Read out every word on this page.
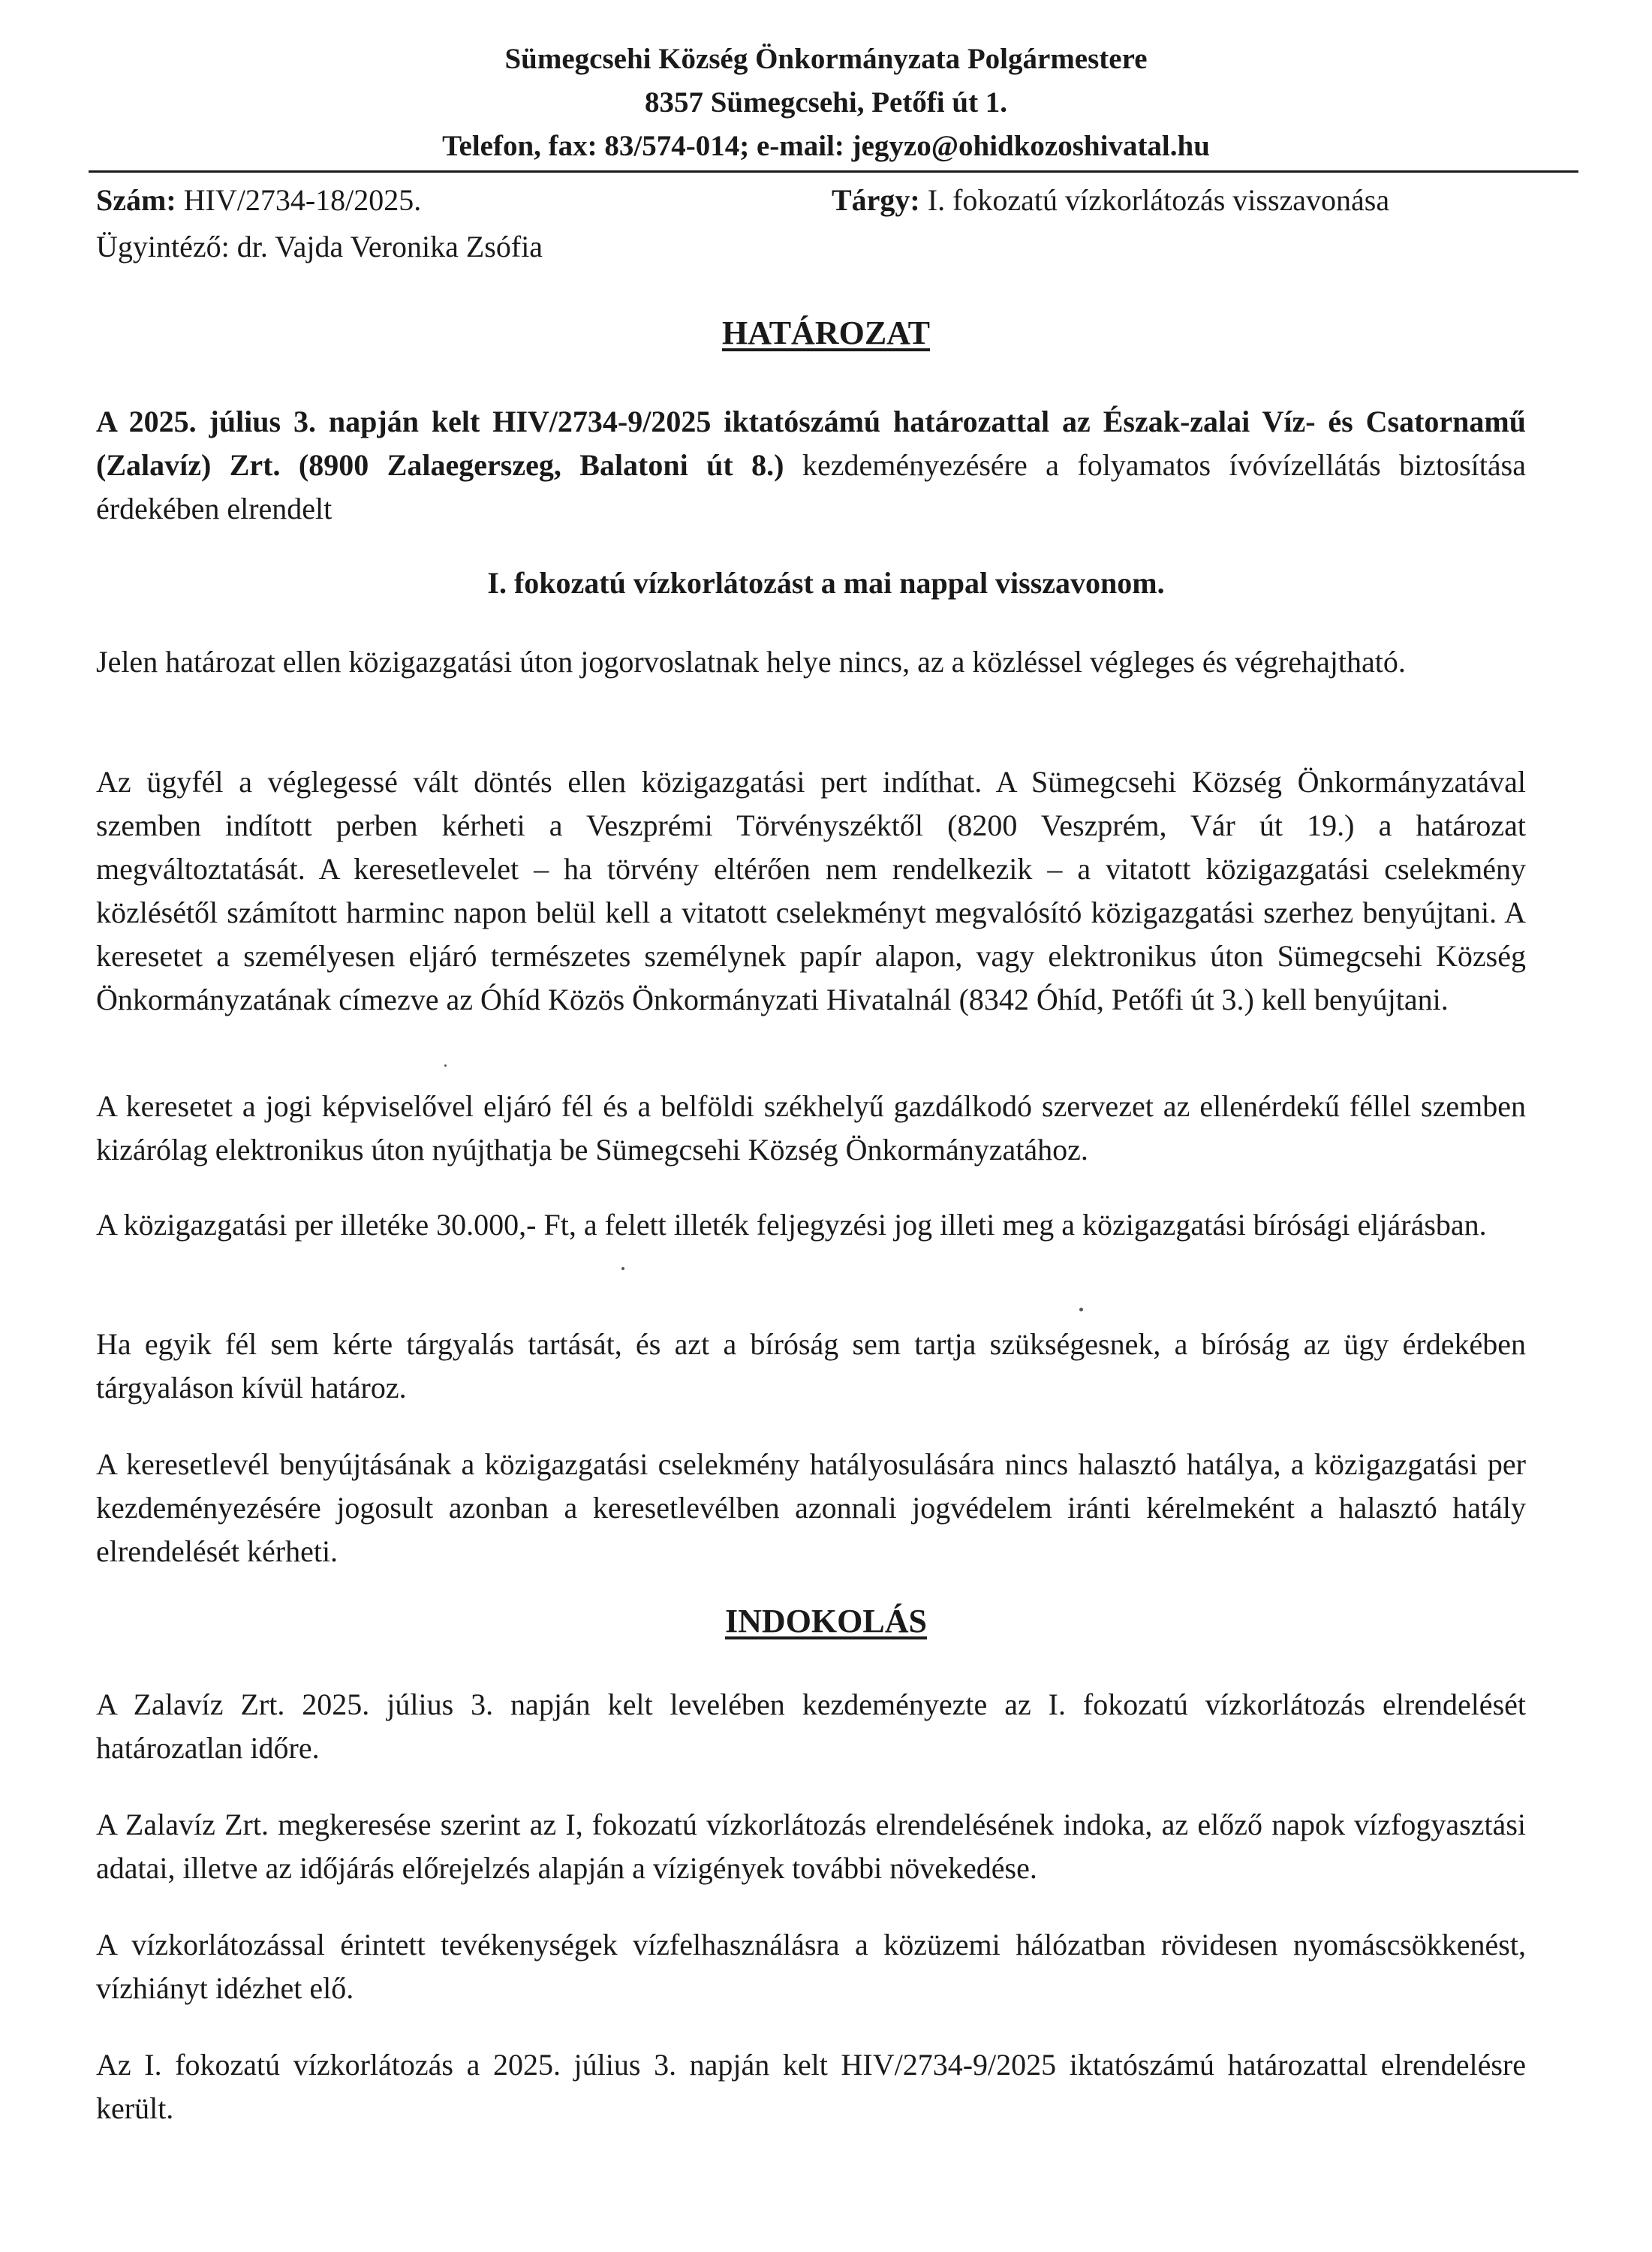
Sümegcsehi Község Önkormányzata Polgármestere
8357 Sümegcsehi, Petőfi út 1.
Telefon, fax: 83/574-014; e-mail: jegyzo@ohidkozoshivatal.hu
Szám: HIV/2734-18/2025.	Tárgy: I. fokozatú vízkorlátozás visszavonása
Ügyintéző: dr. Vajda Veronika Zsófia
HATÁROZAT
A 2025. július 3. napján kelt HIV/2734-9/2025 iktatószámú határozattal az Észak-zalai Víz- és Csatornamű (Zalavíz) Zrt. (8900 Zalaegerszeg, Balatoni út 8.) kezdeményezésére a folyamatos ívóvízellátás biztosítása érdekében elrendelt
I. fokozatú vízkorlátozást a mai nappal visszavonom.
Jelen határozat ellen közigazgatási úton jogorvoslatnak helye nincs, az a közléssel végleges és végrehajtható.
Az ügyfél a véglegessé vált döntés ellen közigazgatási pert indíthat. A Sümegcsehi Község Önkormányzatával szemben indított perben kérheti a Veszprémi Törvényszéktől (8200 Veszprém, Vár út 19.) a határozat megváltoztatását. A keresetlevelet – ha törvény eltérően nem rendelkezik – a vitatott közigazgatási cselekmény közlésétől számított harminc napon belül kell a vitatott cselekményt megvalósító közigazgatási szerhez benyújtani. A keresetet a személyesen eljáró természetes személynek papír alapon, vagy elektronikus úton Sümegcsehi Község Önkormányzatának címezve az Óhíd Közös Önkormányzati Hivatalnál (8342 Óhíd, Petőfi út 3.) kell benyújtani.
A keresetet a jogi képviselővel eljáró fél és a belföldi székhelyű gazdálkodó szervezet az ellenérdekű féllel szemben kizárólag elektronikus úton nyújthatja be Sümegcsehi Község Önkormányzatához.
A közigazgatási per illetéke 30.000,- Ft, a felett illeték feljegyzési jog illeti meg a közigazgatási bírósági eljárásban.
Ha egyik fél sem kérte tárgyalás tartását, és azt a bíróság sem tartja szükségesnek, a bíróság az ügy érdekében tárgyaláson kívül határoz.
A keresetlevél benyújtásának a közigazgatási cselekmény hatályosulására nincs halasztó hatálya, a közigazgatási per kezdeményezésére jogosult azonban a keresetlevélben azonnali jogvédelem iránti kérelmeként a halasztó hatály elrendelését kérheti.
INDOKOLÁS
A Zalavíz Zrt. 2025. július 3. napján kelt levelében kezdeményezte az I. fokozatú vízkorlátozás elrendelését határozatlan időre.
A Zalavíz Zrt. megkeresése szerint az I, fokozatú vízkorlátozás elrendelésének indoka, az előző napok vízfogyasztási adatai, illetve az időjárás előrejelzés alapján a vízigények további növekedése.
A vízkorlátozással érintett tevékenységek vízfelhasználásra a közüzemi hálózatban rövidesen nyomáscsökkenést, vízhiányt idézhet elő.
Az I. fokozatú vízkorlátozás a 2025. július 3. napján kelt HIV/2734-9/2025 iktatószámú határozattal elrendelésre került.
